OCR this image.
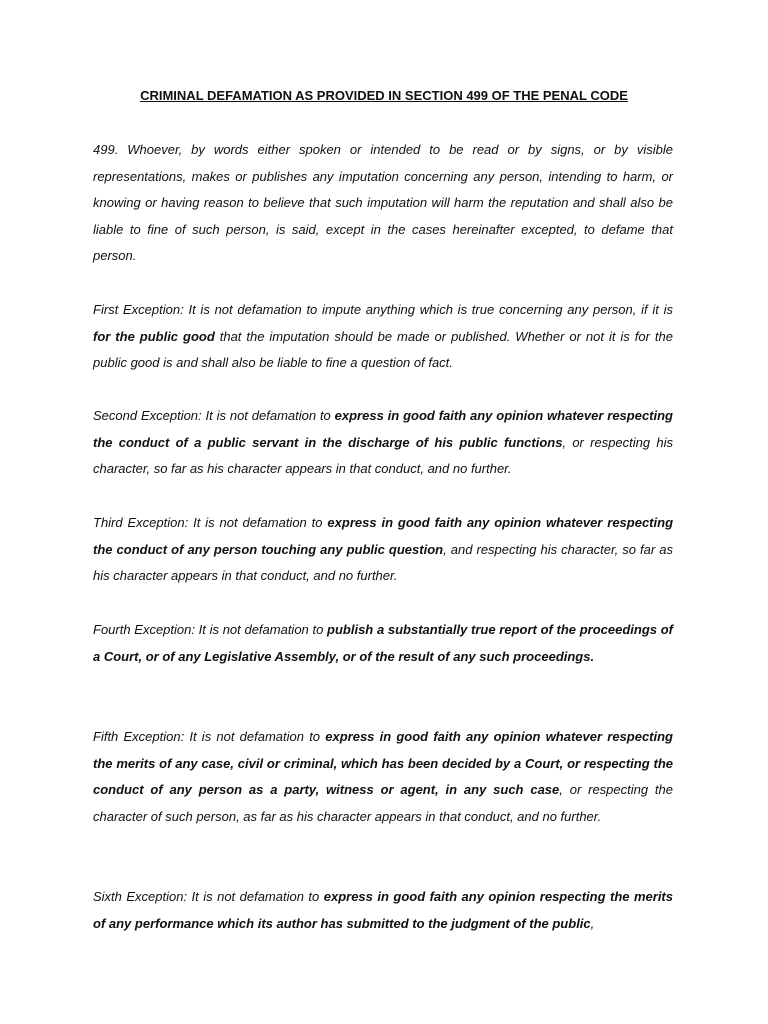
CRIMINAL DEFAMATION AS PROVIDED IN SECTION 499 OF THE PENAL CODE

499. Whoever, by words either spoken or intended to be read or by signs, or by visible representations, makes or publishes any imputation concerning any person, intending to harm, or knowing or having reason to believe that such imputation will harm the reputation and shall also be liable to fine of such person, is said, except in the cases hereinafter excepted, to defame that person.

First Exception: It is not defamation to impute anything which is true concerning any person, if it is for the public good that the imputation should be made or published. Whether or not it is for the public good is and shall also be liable to fine a question of fact.

Second Exception: It is not defamation to express in good faith any opinion whatever respecting the conduct of a public servant in the discharge of his public functions, or respecting his character, so far as his character appears in that conduct, and no further.

Third Exception: It is not defamation to express in good faith any opinion whatever respecting the conduct of any person touching any public question, and respecting his character, so far as his character appears in that conduct, and no further.

Fourth Exception: It is not defamation to publish a substantially true report of the proceedings of a Court, or of any Legislative Assembly, or of the result of any such proceedings.

Fifth Exception: It is not defamation to express in good faith any opinion whatever respecting the merits of any case, civil or criminal, which has been decided by a Court, or respecting the conduct of any person as a party, witness or agent, in any such case, or respecting the character of such person, as far as his character appears in that conduct, and no further.

Sixth Exception: It is not defamation to express in good faith any opinion respecting the merits of any performance which its author has submitted to the judgment of the public,
